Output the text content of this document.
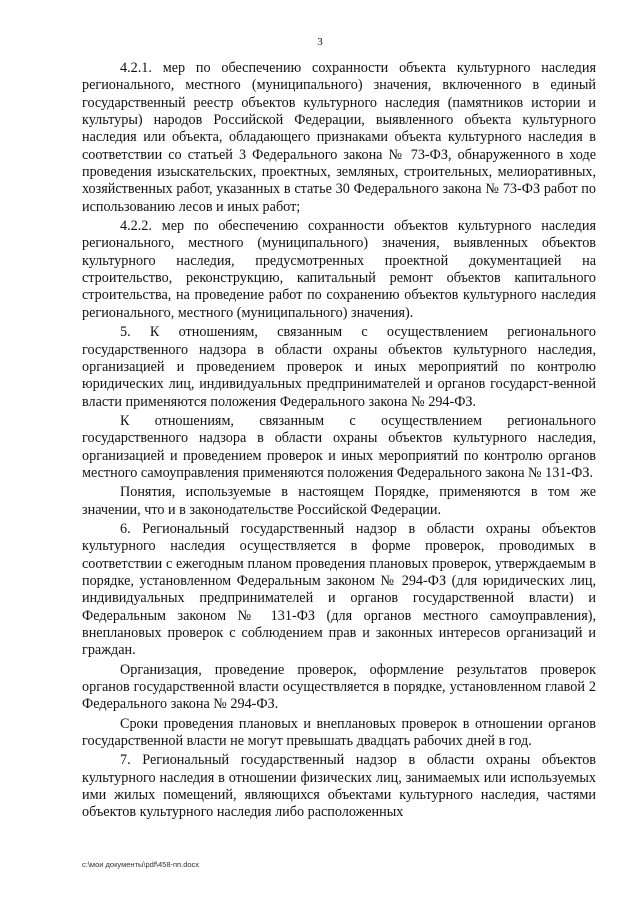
3

4.2.1. мер по обеспечению сохранности объекта культурного наследия регионального, местного (муниципального) значения, включенного в единый государственный реестр объектов культурного наследия (памятников истории и культуры) народов Российской Федерации, выявленного объекта культурного наследия или объекта, обладающего признаками объекта культурного наследия в соответствии со статьей 3 Федерального закона № 73-ФЗ, обнаруженного в ходе проведения изыскательских, проектных, земляных, строительных, мелиоративных, хозяйственных работ, указанных в статье 30 Федерального закона № 73-ФЗ работ по использованию лесов и иных работ;

4.2.2. мер по обеспечению сохранности объектов культурного наследия регионального, местного (муниципального) значения, выявленных объектов культурного наследия, предусмотренных проектной документацией на строительство, реконструкцию, капитальный ремонт объектов капитального строительства, на проведение работ по сохранению объектов культурного наследия регионального, местного (муниципального) значения).

5. К отношениям, связанным с осуществлением регионального государственного надзора в области охраны объектов культурного наследия, организацией и проведением проверок и иных мероприятий по контролю юридических лиц, индивидуальных предпринимателей и органов государст-венной власти применяются положения Федерального закона № 294-ФЗ.

К отношениям, связанным с осуществлением регионального государственного надзора в области охраны объектов культурного наследия, организацией и проведением проверок и иных мероприятий по контролю органов местного самоуправления применяются положения Федерального закона № 131-ФЗ.

Понятия, используемые в настоящем Порядке, применяются в том же значении, что и в законодательстве Российской Федерации.

6. Региональный государственный надзор в области охраны объектов культурного наследия осуществляется в форме проверок, проводимых в соответствии с ежегодным планом проведения плановых проверок, утверждаемым в порядке, установленном Федеральным законом № 294-ФЗ (для юридических лиц, индивидуальных предпринимателей и органов государственной власти) и Федеральным законом № 131-ФЗ (для органов местного самоуправления), внеплановых проверок с соблюдением прав и законных интересов организаций и граждан.

Организация, проведение проверок, оформление результатов проверок органов государственной власти осуществляется в порядке, установленном главой 2 Федерального закона № 294-ФЗ.

Сроки проведения плановых и внеплановых проверок в отношении органов государственной власти не могут превышать двадцать рабочих дней в год.

7. Региональный государственный надзор в области охраны объектов культурного наследия в отношении физических лиц, занимаемых или используемых ими жилых помещений, являющихся объектами культурного наследия, частями объектов культурного наследия либо расположенных

c:\мои документы\pdf\458-пп.docx
